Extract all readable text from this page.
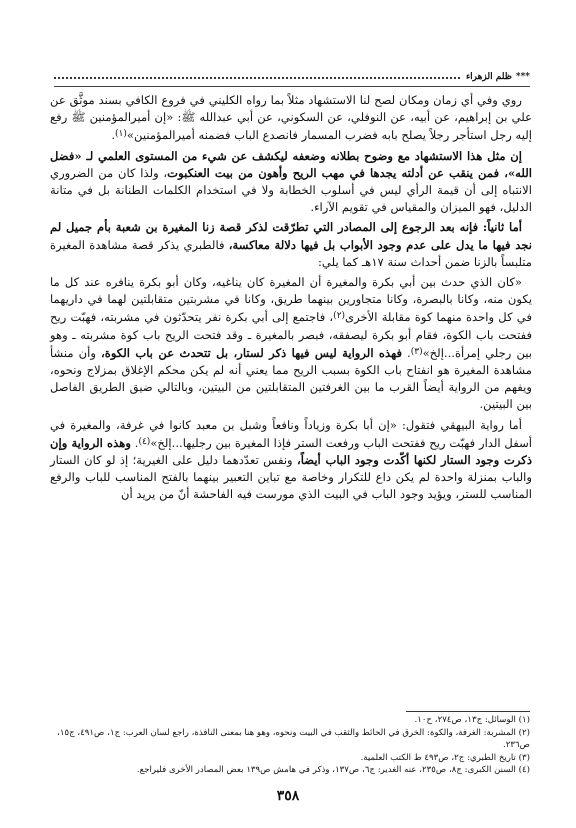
***
ظلم الزهراء

روي وفي أي زمان ومكان لصح لنا الاستشهاد مثلاً بما رواه الكليني في فروع الكافي بسند موثَّق عن علي بن إبراهيم، عن أبيه، عن النوفلي، عن السكوني، عن أبي عبدالله ﷺ: «إن أميرالمؤمنين ﷺ رفع إليه رجل استأجر رجلاً يصلح بابه فضرب المسمار فانصدع الباب فضمنه أميرالمؤمنين»$^{(١)}$.

إن مثل هذا الاستشهاد مع وضوح بطلانه وضعفه ليكشف عن شيء من المستوى العلمي لـ «فضل الله»، فمن ينقب عن أدلته يجدها في مهب الريح وأهون من بيت العنكبوت، ولذا كان من الضروري الانتباه إلى أن قيمة الرأي ليس في أسلوب الخطابة ولا في استخدام الكلمات الطنانة بل في متانة الدليل، فهو الميزان والمقياس في تقويم الآراء.

أما ثانياً: فإنه بعد الرجوع إلى المصادر التي تطرّقت لذكر قصة زنا المغيرة بن شعبة بأم جميل لم نجد فيها ما يدل على عدم وجود الأبواب بل فيها دلالة معاكسة، فالطبري يذكر قصة مشاهدة المغيرة متلبساً بالزنا ضمن أحداث سنة ١٧هـ كما يلي:

«كان الذي حدث بين أبي بكرة والمغيرة أن المغيرة كان يناغيه، وكان أبو بكرة ينافره عند كل ما يكون منه، وكانا بالبصرة، وكانا متجاورين بينهما طريق، وكانا في مشربتين متقابلتين لهما في داريهما في كل واحدة منهما كوة مقابلة الأخرى$^{(٢)}$، فاجتمع إلى أبي بكرة نفر يتحدّثون في مشربته، فهبّت ريح ففتحت باب الكوة، فقام أبو بكرة ليصفقه، فبصر بالمغيرة ـ وقد فتحت الريح باب كوة مشربته ـ وهو بين رجلي إمرأة...إلخ»$^{(٣)}$. فهذه الرواية ليس فيها ذكر لستار، بل تتحدث عن باب الكوة، وأن منشأ مشاهدة المغيرة هو انفتاح باب الكوة بسبب الريح مما يعني أنه لم يكن محكم الإغلاق بمزلاج ونحوه، ويفهم من الرواية أيضاً القرب ما بين الغرفتين المتقابلتين من البيتين، وبالتالي ضيق الطريق الفاصل بين البيتين.

أما رواية البيهقي فتقول: «إن أبا بكرة وزياداً ونافعاً وشبل بن معبد كانوا في غرفة، والمغيرة في أسفل الدار فهبّت ريح ففتحت الباب ورفعت الستر فإذا المغيرة بين رجليها...إلخ»$^{(٤)}$. وهذه الرواية وإن ذكرت وجود الستار لكنها أكّدت وجود الباب أيضاً، ونفس تعدّدهما دليل على الغيرية؛ إذ لو كان الستار والباب بمنزلة واحدة لم يكن داع للتكرار وخاصة مع تباين التعبير بينهما بالفتح المناسب للباب والرفع المناسب للستر، ويؤيد وجود الباب في البيت الذي مورست فيه الفاحشة أنّ من يريد أن

(١) الوسائل: ج١٣، ص٢٧٤، ح١٠.
(٢) المشربة: الغرفة، والكوة: الخرق في الحائط والثقب في البيت ونحوه، وهو هنا بمعنى النافذة، راجع لسان العرب: ج١، ص٤٩١، ج١٥، ص٢٣٦.
(٣) تاريخ الطبري: ج٢، ص٤٩٣ ط الكتب العلمية.
(٤) السنن الكبرى: ج٨، ص٢٣٥، عنه الغدير: ج٦، ص١٣٧، وذكر في هامش ص١٣٩ بعض المصادر الأخرى فليراجع.
٣٥٨
